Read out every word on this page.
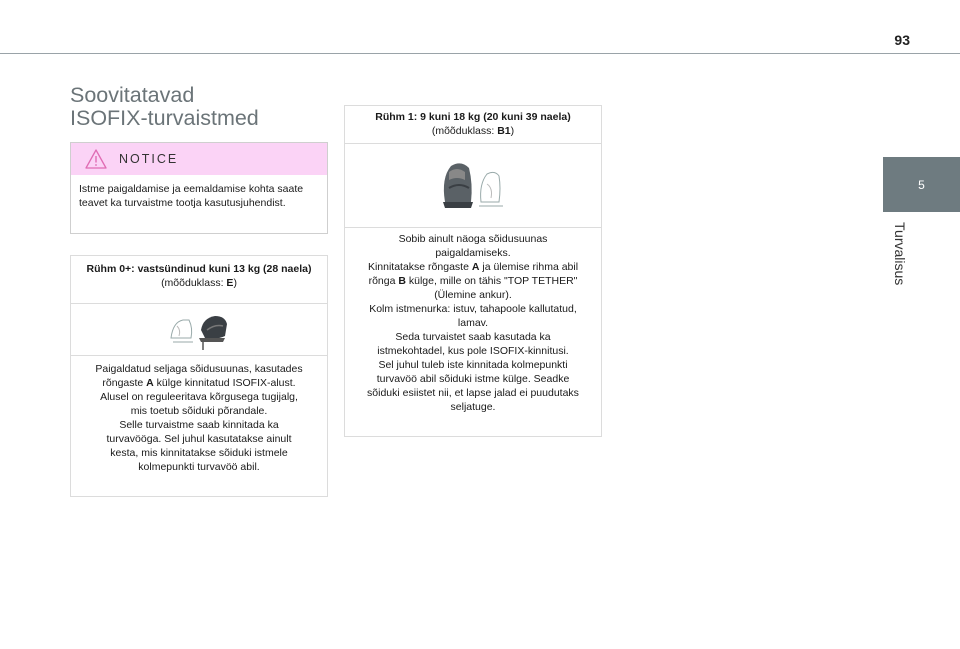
93
5
Turvalisus
Soovitatavad
ISOFIX-turvaistmed
NOTICE
Istme paigaldamise ja eemaldamise kohta saate teavet ka turvaistme tootja kasutusjuhendist.
Rühm 0+: vastsündinud kuni 13 kg (28 naela)
(mõõduklass: E)
Paigaldatud seljaga sõidusuunas, kasutades
rõngaste A külge kinnitatud ISOFIX-alust.
Alusel on reguleeritava kõrgusega tugijalg,
mis toetub sõiduki põrandale.
Selle turvaistme saab kinnitada ka
turvavööga. Sel juhul kasutatakse ainult
kesta, mis kinnitatakse sõiduki istmele
kolmepunkti turvavöö abil.
Rühm 1: 9 kuni 18 kg (20 kuni 39 naela)
(mõõduklass: B1)
Sobib ainult näoga sõidusuunas
paigaldamiseks.
Kinnitatakse rõngaste A ja ülemise rihma abil
rõnga B külge, mille on tähis "TOP TETHER"
(Ülemine ankur).
Kolm istmenurka: istuv, tahapoole kallutatud,
lamav.
Seda turvaistet saab kasutada ka
istmekohtadel, kus pole ISOFIX-kinnitusi.
Sel juhul tuleb iste kinnitada kolmepunkti
turvavöö abil sõiduki istme külge. Seadke
sõiduki esiistet nii, et lapse jalad ei puudutaks
seljatuge.
